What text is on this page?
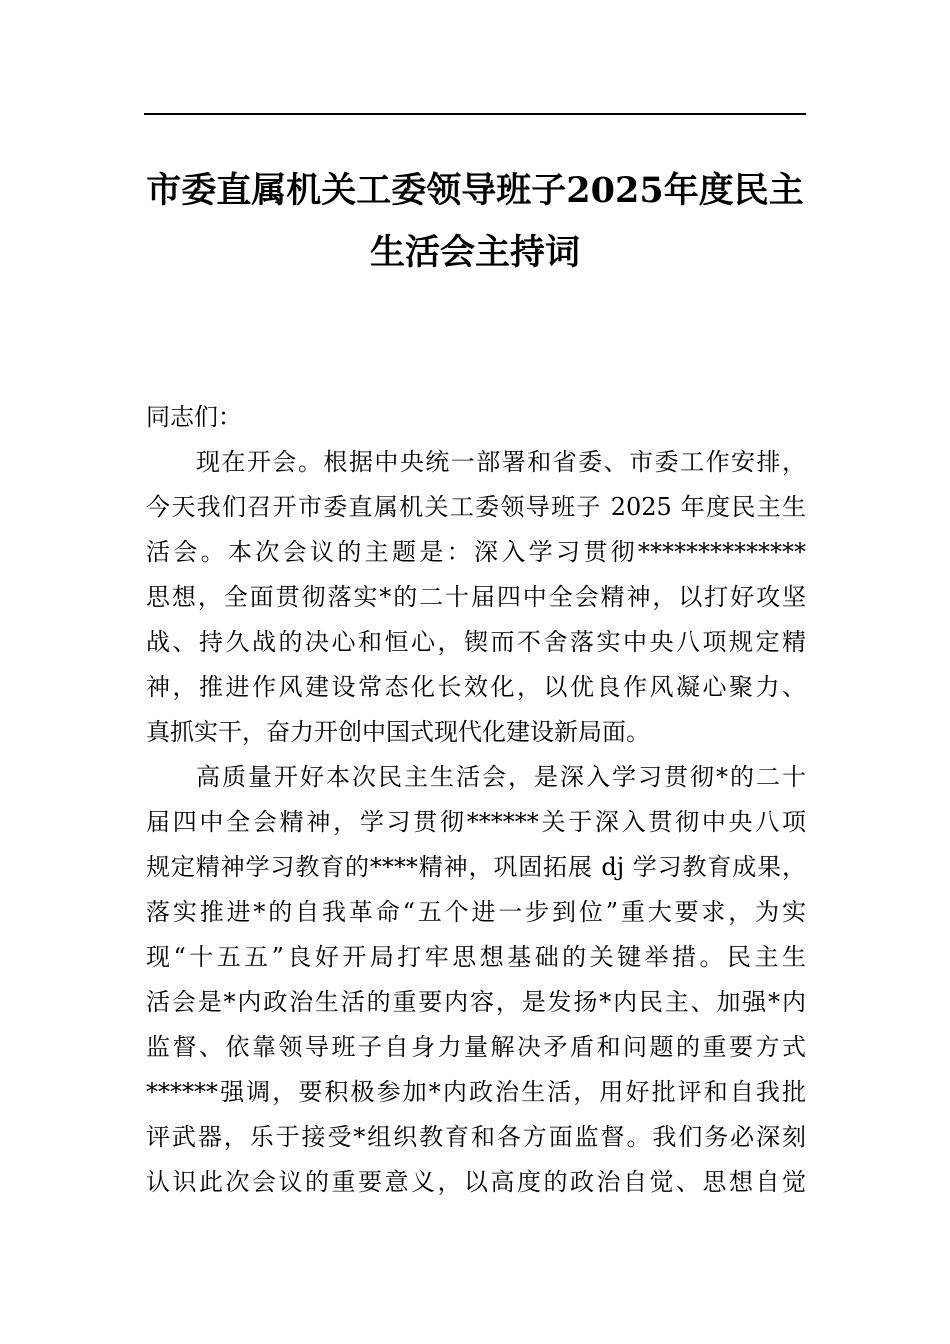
市委直属机关工委领导班子2025年度民主
生活会主持词
同志们：
现在开会。根据中央统一部署和省委、市委工作安排，
今天我们召开市委直属机关工委领导班子 2025 年度民主生
活会。本次会议的主题是：深入学习贯彻**************
思想，全面贯彻落实*的二十届四中全会精神，以打好攻坚
战、持久战的决心和恒心，锲而不舍落实中央八项规定精
神，推进作风建设常态化长效化，以优良作风凝心聚力、
真抓实干，奋力开创中国式现代化建设新局面。
高质量开好本次民主生活会，是深入学习贯彻*的二十
届四中全会精神，学习贯彻******关于深入贯彻中央八项
规定精神学习教育的****精神，巩固拓展 dj 学习教育成果，
落实推进*的自我革命“五个进一步到位”重大要求，为实
现“十五五”良好开局打牢思想基础的关键举措。民主生
活会是*内政治生活的重要内容，是发扬*内民主、加强*内
监督、依靠领导班子自身力量解决矛盾和问题的重要方式
******强调，要积极参加*内政治生活，用好批评和自我批
评武器，乐于接受*组织教育和各方面监督。我们务必深刻
认识此次会议的重要意义，以高度的政治自觉、思想自觉
